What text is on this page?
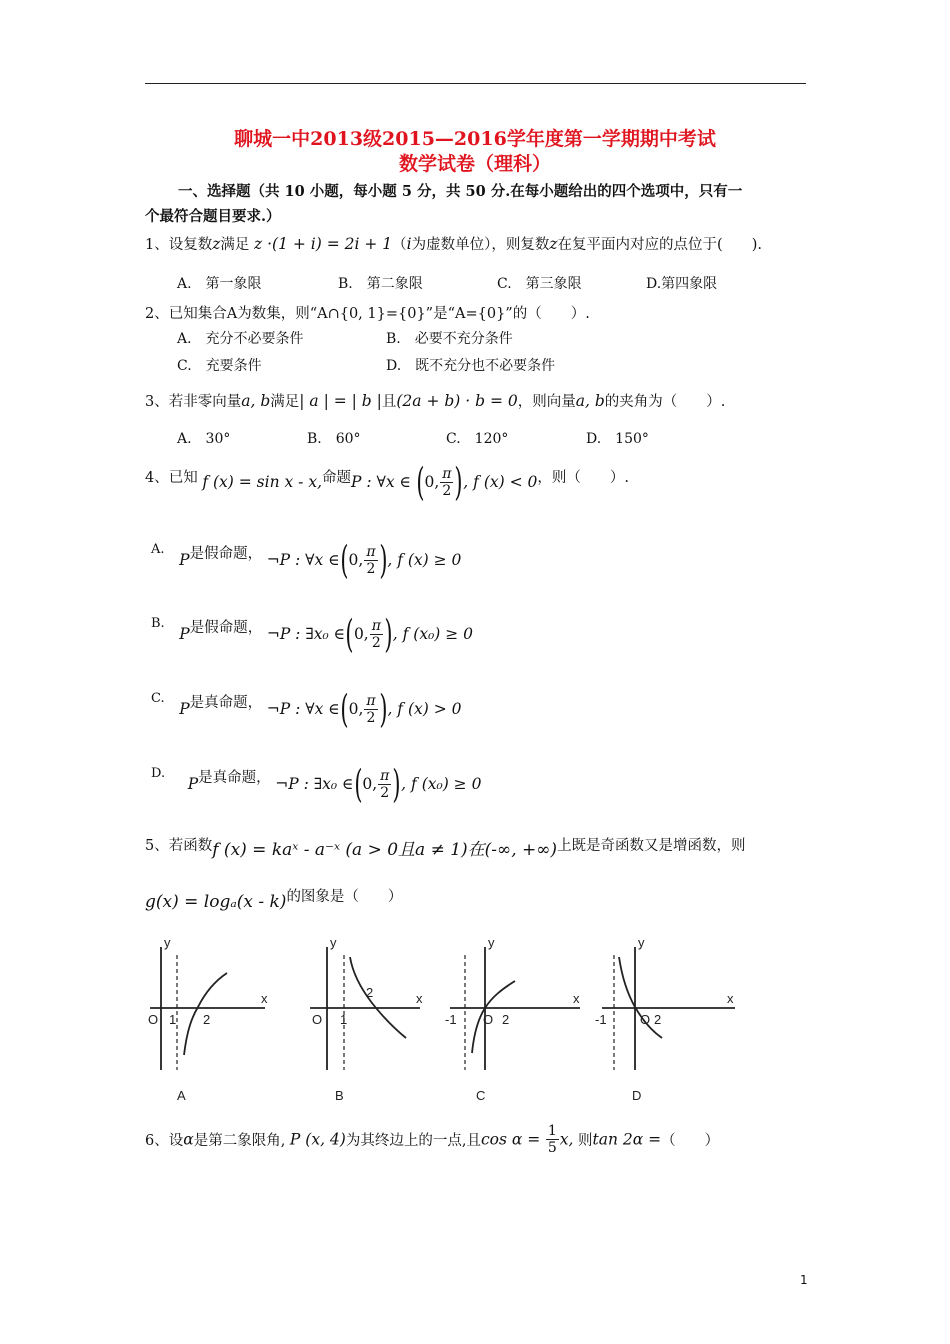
聊城一中2013级2015—2016学年度第一学期期中考试
数学试卷（理科）
一、选择题（共 10 小题，每小题 5 分，共 50 分.在每小题给出的四个选项中，只有一
个最符合题目要求.）
1、设复数z满足 z ·(1 + i) = 2i + 1（i为虚数单位），则复数z在复平面内对应的点位于(　　).
A.　第一象限	B.　第二象限	C.　第三象限	D.第四象限
2、已知集合A为数集，则“A∩{0, 1}={0}”是“A={0}”的（　　）.
A.　充分不必要条件	B.　必要不充分条件
C.　充要条件	D.　既不充分也不必要条件
3、若非零向量a, b满足| a | = | b |且(2a + b) · b = 0，则向量a, b的夹角为（　　）.
A.　30°	B.　60°	C.　120°	D.　150°
4、已知 f (x) = sin x - x,命题P : ∀x ∈ (0, $\frac{\pi}{2}$ ), f (x) < 0，则（　　）.
A. P是假命题， ¬P : ∀x ∈(0, $\frac{\pi}{2}$ ), f (x) ≥ 0
B. P是假命题， ¬P : ∃x₀ ∈(0, $\frac{\pi}{2}$ ), f (x₀) ≥ 0
C. P是真命题， ¬P : ∀x ∈(0, $\frac{\pi}{2}$ ), f (x) > 0
D. P是真命题， ¬P : ∃x₀ ∈(0, $\frac{\pi}{2}$ ), f (x₀) ≥ 0
5、若函数f (x) = kaˣ - a⁻ˣ (a > 0且a ≠ 1)在(-∞, +∞)上既是奇函数又是增函数，则
g(x) = logₐ(x - k)的图象是（　　）
y
x
O 1 2
A
y
x
O 1
2
B
y
x
-1 O 2
C
y
x
-1	O 2
D
6、设α是第二象限角, P (x, 4)为其终边上的一点,且$\cos \alpha = \frac{1}{5} x$, 则tan 2α =（　　）
1
